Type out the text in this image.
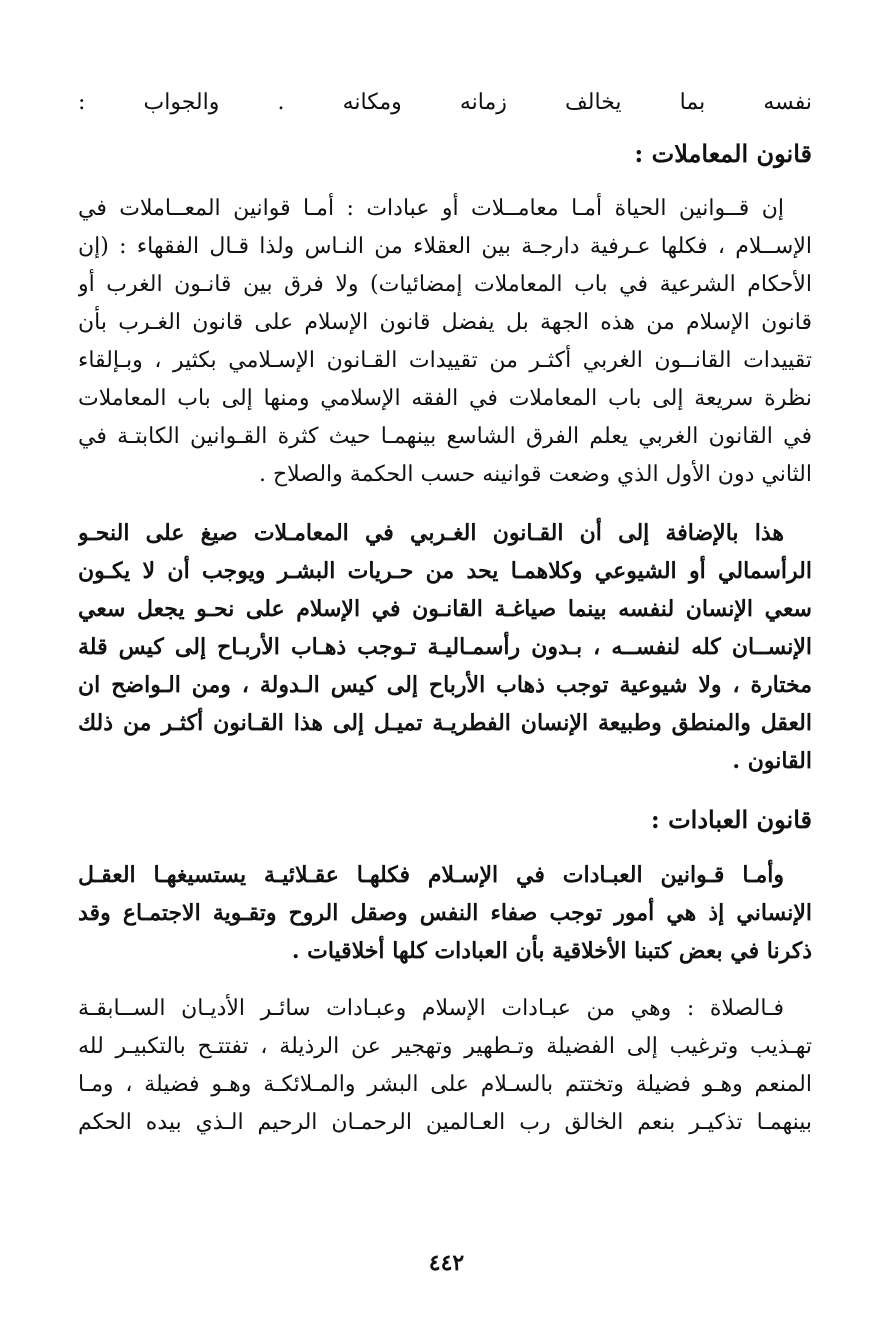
نفسه بما يخالف زمانه ومكانه . والجواب :
قانون المعاملات :
إن قــوانين الحياة أمـا معامــلات أو عبادات : أمـا قوانين المعــاملات في
الإســلام ، فكلها عـرفية دارجـة بين العقلاء من النـاس ولذا قـال الفقهاء : (إن
الأحكام الشرعية في باب المعاملات إمضائيات) ولا فرق بين قانـون الغرب أو
قانون الإسلام من هذه الجهة بل يفضل قانون الإسلام على قانون الغـرب بأن
تقييدات القانــون الغربي أكثـر من تقييدات القـانون الإسـلامي بكثير ، وبـإلقاء
نظرة سريعة إلى باب المعاملات في الفقه الإسلامي ومنها إلى باب المعاملات
في القانون الغربي يعلم الفرق الشاسع بينهمـا حيث كثرة القـوانين الكابتـة في
الثاني دون الأول الذي وضعت قوانينه حسب الحكمة والصلاح .
هذا بالإضافة إلى أن القـانون الغـربي في المعامـلات صيغ على النحـو
الرأسمالي أو الشيوعي وكلاهمـا يحد من حـريات البشـر ويوجب أن لا يكـون
سعي الإنسان لنفسه بينما صياغـة القانـون في الإسلام على نحـو يجعل سعي
الإنســان كله لنفســه ، بـدون رأسمـاليـة تـوجب ذهـاب الأربـاح إلى كيس قلة
مختارة ، ولا شيوعية توجب ذهاب الأرباح إلى كيس الـدولة ، ومن الـواضح ان
العقل والمنطق وطبيعة الإنسان الفطريـة تميـل إلى هذا القـانون أكثـر من ذلك
القانون .
قانون العبادات :
وأمـا قـوانين العبـادات في الإسـلام فكلهـا عقـلائيـة يستسيغهـا العقـل
الإنساني إذ هي أمور توجب صفاء النفس وصقل الروح وتقـوية الاجتمـاع وقد
ذكرنا في بعض كتبنا الأخلاقية بأن العبادات كلها أخلاقيات .
فـالصلاة : وهي من عبـادات الإسلام وعبـادات سائـر الأديـان الســابقـة
تهـذيب وترغيب إلى الفضيلة وتـطهير وتهجير عن الرذيلة ، تفتتـح بالتكبيـر لله
المنعم وهـو فضيلة وتختتم بالسـلام على البشر والمـلائكـة وهـو فضيلة ، ومـا
بينهمـا تذكيـر بنعم الخالق رب العـالمين الرحمـان الرحيم الـذي بيده الحكم
٤٤٢
